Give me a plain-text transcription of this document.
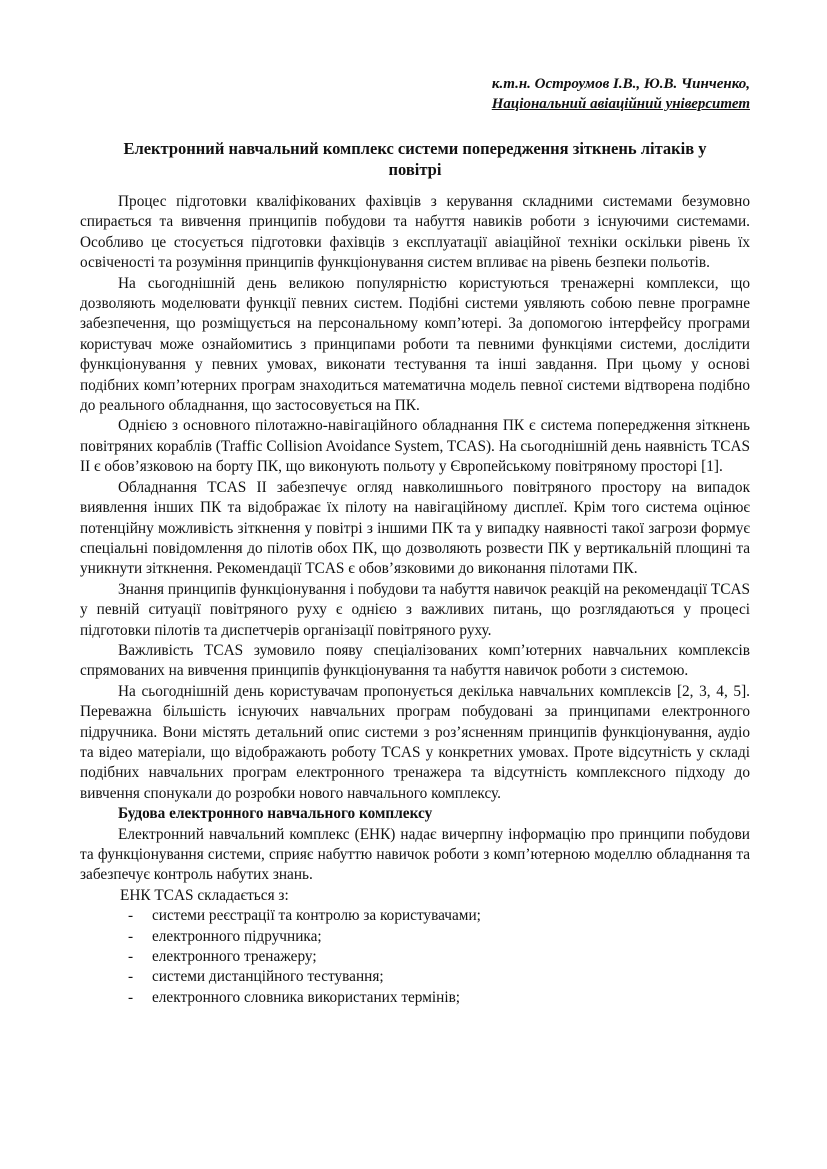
к.т.н. Остроумов І.В., Ю.В. Чинченко,
Національний авіаційний університет
Електронний навчальний комплекс системи попередження зіткнень літаків у повітрі

Процес підготовки кваліфікованих фахівців з керування складними системами безумовно спирається та вивчення принципів побудови та набуття навиків роботи з існуючими системами. Особливо це стосується підготовки фахівців з експлуатації авіаційної техніки оскільки рівень їх освіченості та розуміння принципів функціонування систем впливає на рівень безпеки польотів.

На сьогоднішній день великою популярністю користуються тренажерні комплекси, що дозволяють моделювати функції певних систем. Подібні системи уявляють собою певне програмне забезпечення, що розміщується на персональному комп’ютері. За допомогою інтерфейсу програми користувач може ознайомитись з принципами роботи та певними функціями системи, дослідити функціонування у певних умовах, виконати тестування та інші завдання. При цьому у основі подібних комп’ютерних програм знаходиться математична модель певної системи відтворена подібно до реального обладнання, що застосовується на ПК.

Однією з основного пілотажно-навігаційного обладнання ПК є система попередження зіткнень повітряних кораблів (Traffic Collision Avoidance System, TCAS). На сьогоднішній день наявність TCAS II є обов’язковою на борту ПК, що виконують польоту у Європейському повітряному просторі [1].

Обладнання TCAS II забезпечує огляд навколишнього повітряного простору на випадок виявлення інших ПК та відображає їх пілоту на навігаційному дисплеї. Крім того система оцінює потенційну можливість зіткнення у повітрі з іншими ПК та у випадку наявності такої загрози формує спеціальні повідомлення до пілотів обох ПК, що дозволяють розвести ПК у вертикальній площині та уникнути зіткнення. Рекомендації TCAS є обов’язковими до виконання пілотами ПК.

Знання принципів функціонування і побудови та набуття навичок реакцій на рекомендації TCAS у певній ситуації повітряного руху є однією з важливих питань, що розглядаються у процесі підготовки пілотів та диспетчерів організації повітряного руху.

Важливість TCAS зумовило появу спеціалізованих комп’ютерних навчальних комплексів спрямованих на вивчення принципів функціонування та набуття навичок роботи з системою.

На сьогоднішній день користувачам пропонується декілька навчальних комплексів [2, 3, 4, 5]. Переважна більшість існуючих навчальних програм побудовані за принципами електронного підручника. Вони містять детальний опис системи з роз’ясненням принципів функціонування, аудіо та відео матеріали, що відображають роботу TCAS у конкретних умовах. Проте відсутність у складі подібних навчальних програм електронного тренажера та відсутність комплексного підходу до вивчення спонукали до розробки нового навчального комплексу.

Будова електронного навчального комплексу

Електронний навчальний комплекс (ЕНК) надає вичерпну інформацію про принципи побудови та функціонування системи, сприяє набуттю навичок роботи з комп’ютерною моделлю обладнання та забезпечує контроль набутих знань.

ЕНК TCAS складається з:

- системи реєстрації та контролю за користувачами;
- електронного підручника;
- електронного тренажеру;
- системи дистанційного тестування;
- електронного словника використаних термінів;
